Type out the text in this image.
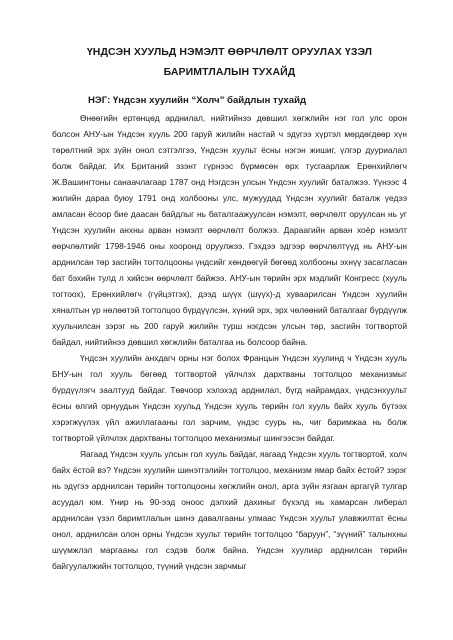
ҮНДСЭН ХУУЛЬД НЭМЭЛТ ӨӨРЧЛӨЛТ ОРУУЛАХ ҮЗЭЛ БАРИМТЛАЛЫН ТУХАЙД
НЭГ: Үндсэн хуулийн “Холч” байдлын тухайд

Өнөөгийн ертөнцөд арднилал, нийтийнээ дөвшил хөгжлийн нэг гол улс орон болсон АНУ-ын Үндсэн хууль 200 гаруй жилийн настай ч эдүгээ хүртэл мөрдөгдөөр хүн төрөлтний эрх зүйн онол сэтгэлгээ, Үндсэн хуульт ёсны нэгэн жишиг, үлгэр дууриалал болж байдаг. Их Британий эзэнт гүрнээс бүрмөсөн өрх тусгаарлаж Ерөнхийлөгч Ж.Вашингтоны санаачлагаар 1787 онд Нэгдсэн улсын Үндсэн хуулийг баталжээ. Үүнээс 4 жилийн дараа буюу 1791 онд холбооны улс, мужуудад Үндсэн хуулийг баталж үедээ амласан ёсоор бие даасан байдлыг нь баталгаажуулсан нэмэлт, өөрчлөлт оруулсан нь уг Үндсэн хуулийн анхны арван нэмэлт өөрчлөлт болжээ. Дараагийн арван хоёр нэмэлт өөрчлөлтийг 1798-1946 оны хооронд оруулжээ. Гэхдээ эдгээр өөрчлөлтүүд нь АНУ-ын арднилсан төр засгийн тогтолцооны үндсийг хөндөөгүй бөгөөд холбооны эхнүү засагласан бат бэхийн тулд л хийсэн өөрчлөлт байжээ. АНУ-ын төрийн эрх мэдлийг Конгресс (хууль тогтоох), Ерөнхийлөгч (гүйцэтгэх), дээд шүүх (шүүх)-д хуваарилсан Үндсэн хуулийн хяналтын үр нөлөөтэй тогтолцоо бүрдүүлсэн, хүний эрх, эрх чөлөөний баталгааг бүрдүүлж хуульчилсан зэрэг нь 200 гаруй жилийн турш нэгдсэн улсын төр, засгийн тогтвортой байдал, нийтийнээ дөвшил хөгжлийн баталгаа нь болсоор байна.

Үндсэн хуулийн анхдагч орны нэг болох Францын Үндсэн хуулинд ч Үндсэн хууль БНУ-ын гол хууль бөгөөд тогтвортой үйлчлэх дархтваны тогтолцоо механизмыг бүрдүүлэгч заалтууд байдаг. Төвчоор хэлэхэд арднилал, бүгд найрамдах, үндсэнхуульт ёсны өлгий орнуудын Үндсэн хуульд Үндсэн хууль төрийн гол хууль байх хууль бүтээх хэрэгжүүлэх үйл ажиллагааны гол зарчим, үндэс суурь нь, чиг баримжаа нь болж тогтвортой үйлчлэх дархтваны тогтолцоо механизмыг шингээсэн байдаг.

Яагаад Үндсэн хууль улсын гол хууль байдаг, яагаад Үндсэн хууль тогтвортой, холч байх ёстой вэ? Үндсэн хуулийн шинэтгэлийн тогтолцоо, механизм ямар байх ёстой? зэрэг нь эдүгээ арднилсан төрийн тогтолцооны хөгжлийн онол, арга зүйн язгаан аргагүй тулгар асуудал юм. Үнир нь 90-ээд оноос дэлхий дахиныг бүхэлд нь хамарсан либерал арднилсан үзэл баримтлалын шинэ давалгааны улмаас Үндсэн хуульт улавжилтат ёсны онол, арднилсан олон орны Үндсэн хуульт төрийн тогтолцоо “баруун”, “зүүний” талынхны шүүмжлэл маргааны гол сэдэв болж байна. Үндсэн хуулиар арднилсан төрийн байгуулалжийн тогтолцоо, түүний үндсэн зарчмыг
